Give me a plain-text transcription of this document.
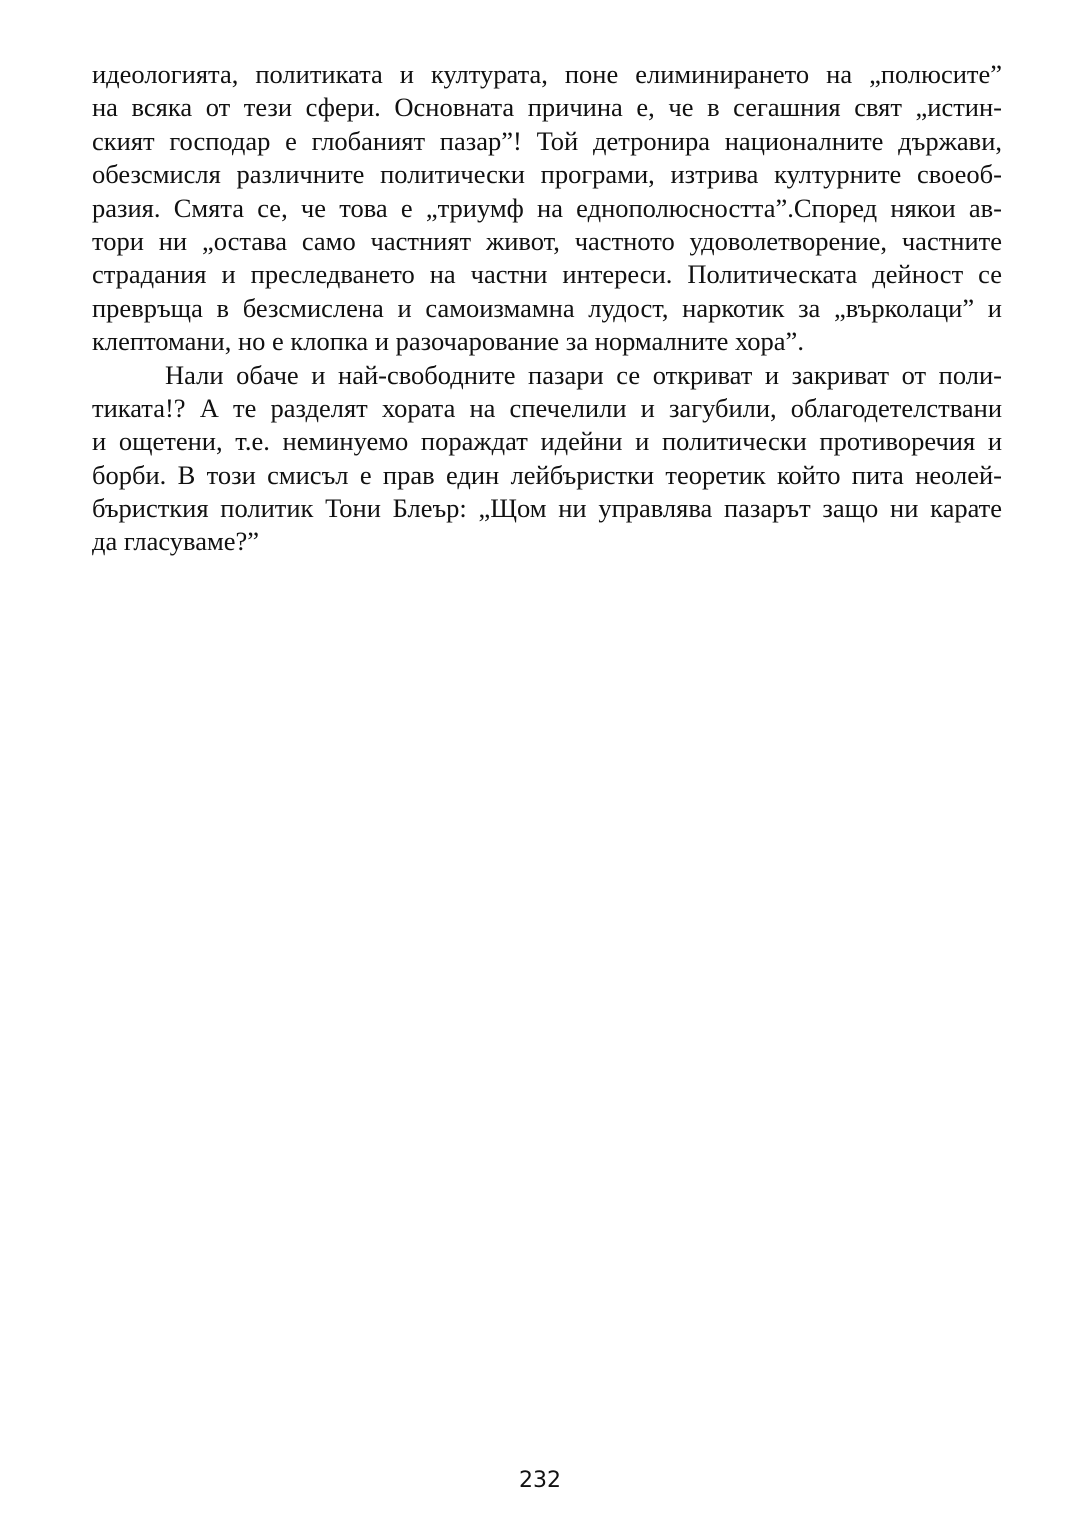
идеологията, политиката и културата, поне елиминирането на „полюсите”
на всяка от тези сфери. Основната причина е, че в сегашния свят „истин-
ският господар е глобаният пазар”! Той детронира националните държави,
обезсмисля различните политически програми, изтрива културните своеоб-
разия. Смята се, че това е „триумф на еднополюсността”.Според някои ав-
тори ни „остава само частният живот, частното удоволетворение, частните
страдания и преследването на частни интереси. Политическата дейност се
превръща в безсмислена и самоизмамна лудост, наркотик за „върколаци” и
клептомани, но е клопка и разочарование за нормалните хора”.
Нали обаче и най-свободните пазари се откриват и закриват от поли-
тиката!? А те разделят хората на спечелили и загубили, облагодетелствани
и ощетени, т.е. неминуемо пораждат идейни и политически противоречия и
борби. В този смисъл е прав един лейбъристки теоретик който пита неолей-
бъристкия политик Тони Блеър: „Щом ни управлява пазарът защо ни карате
да гласуваме?”
232
